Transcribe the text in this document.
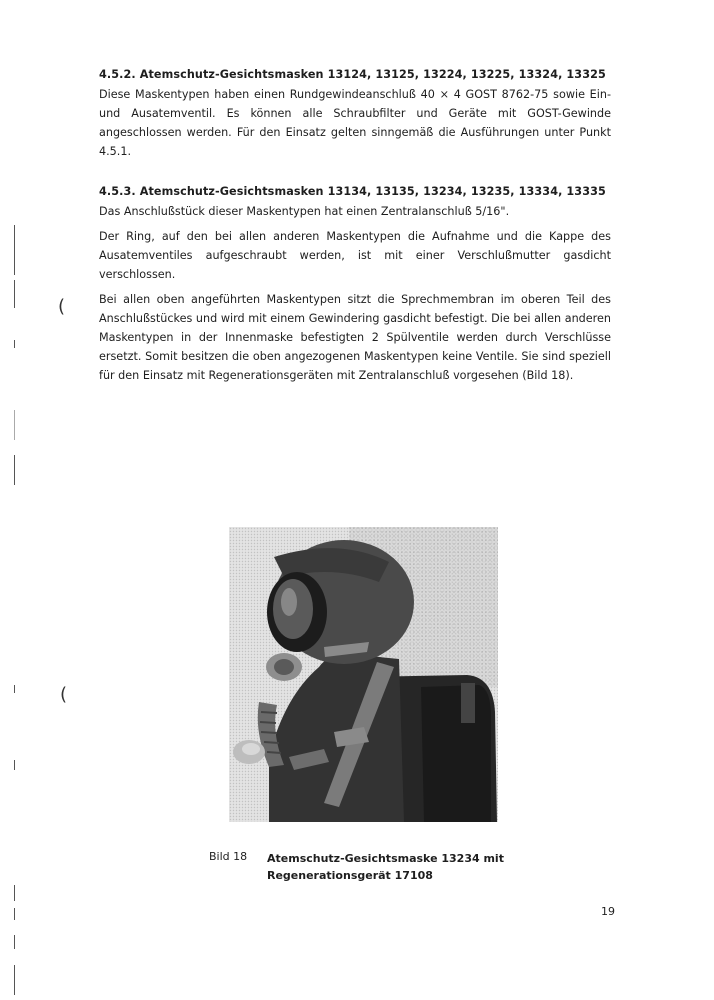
4.5.2. Atemschutz-Gesichtsmasken 13124, 13125, 13224, 13225, 13324, 13325

Diese Maskentypen haben einen Rundgewindeanschluß 40 × 4 GOST 8762-75 sowie Ein- und Ausatemventil. Es können alle Schraubfilter und Geräte mit GOST-Gewinde angeschlossen werden. Für den Einsatz gelten sinngemäß die Ausführungen unter Punkt 4.5.1.

4.5.3. Atemschutz-Gesichtsmasken 13134, 13135, 13234, 13235, 13334, 13335

Das Anschlußstück dieser Maskentypen hat einen Zentralanschluß 5/16".

Der Ring, auf den bei allen anderen Maskentypen die Aufnahme und die Kappe des Ausatemventiles aufgeschraubt werden, ist mit einer Verschlußmutter gasdicht verschlossen.

Bei allen oben angeführten Maskentypen sitzt die Sprechmembran im oberen Teil des Anschlußstückes und wird mit einem Gewindering gasdicht befestigt. Die bei allen anderen Maskentypen in der Innenmaske befestigten 2 Spülventile werden durch Verschlüsse ersetzt. Somit besitzen die oben angezogenen Maskentypen keine Ventile. Sie sind speziell für den Einsatz mit Regenerationsgeräten mit Zentralanschluß vorgesehen (Bild 18).

Bild 18 Atemschutz-Gesichtsmaske 13234 mit
Regenerationsgerät 17108
19
(
(
